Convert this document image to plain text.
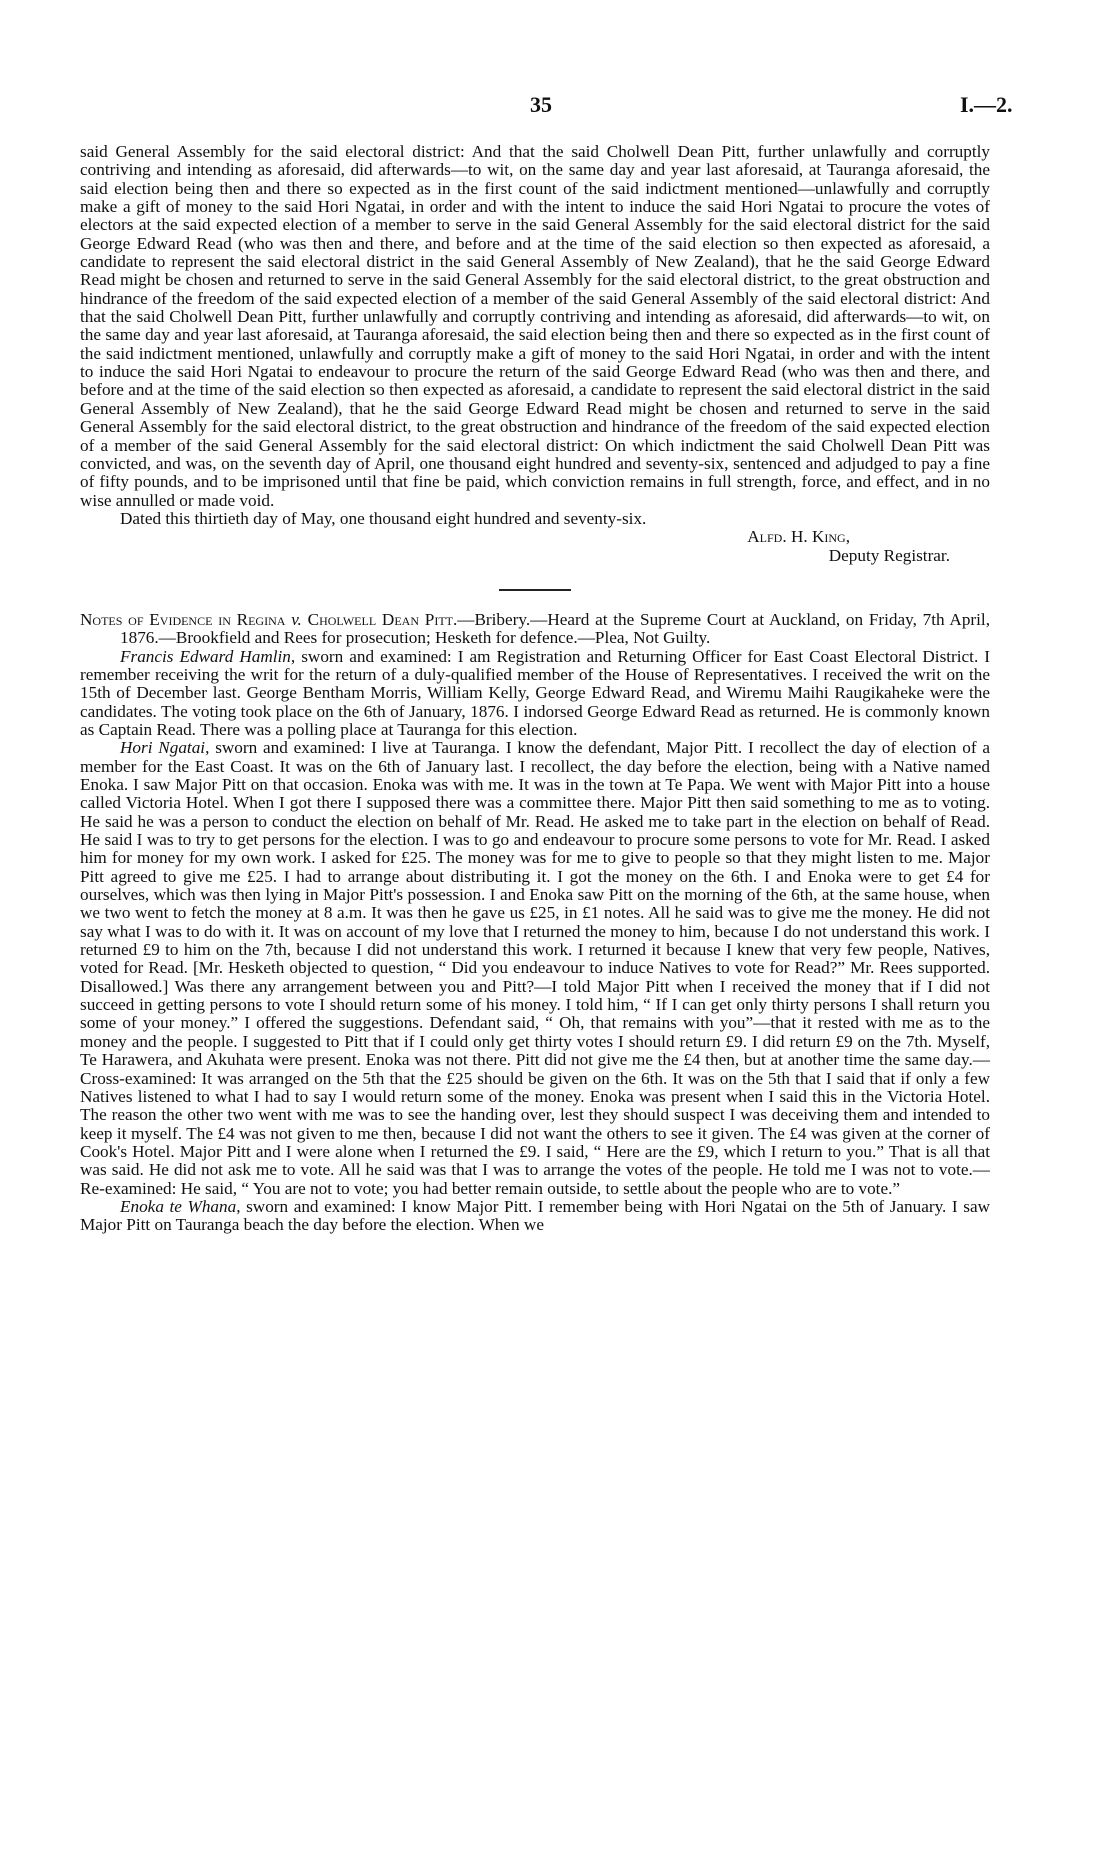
35	I.—2.

said General Assembly for the said electoral district: And that the said Cholwell Dean Pitt, further unlawfully and corruptly contriving and intending as aforesaid, did afterwards—to wit, on the same day and year last aforesaid, at Tauranga aforesaid, the said election being then and there so expected as in the first count of the said indictment mentioned—unlawfully and corruptly make a gift of money to the said Hori Ngatai, in order and with the intent to induce the said Hori Ngatai to procure the votes of electors at the said expected election of a member to serve in the said General Assembly for the said electoral district for the said George Edward Read (who was then and there, and before and at the time of the said election so then expected as aforesaid, a candidate to represent the said electoral district in the said General Assembly of New Zealand), that he the said George Edward Read might be chosen and returned to serve in the said General Assembly for the said electoral district, to the great obstruction and hindrance of the freedom of the said expected election of a member of the said General Assembly of the said electoral district: And that the said Cholwell Dean Pitt, further unlawfully and corruptly contriving and intending as aforesaid, did afterwards—to wit, on the same day and year last aforesaid, at Tauranga aforesaid, the said election being then and there so expected as in the first count of the said indictment mentioned, unlawfully and corruptly make a gift of money to the said Hori Ngatai, in order and with the intent to induce the said Hori Ngatai to endeavour to procure the return of the said George Edward Read (who was then and there, and before and at the time of the said election so then expected as aforesaid, a candidate to represent the said electoral district in the said General Assembly of New Zealand), that he the said George Edward Read might be chosen and returned to serve in the said General Assembly for the said electoral district, to the great obstruction and hindrance of the freedom of the said expected election of a member of the said General Assembly for the said electoral district: On which indictment the said Cholwell Dean Pitt was convicted, and was, on the seventh day of April, one thousand eight hundred and seventy-six, sentenced and adjudged to pay a fine of fifty pounds, and to be imprisoned until that fine be paid, which conviction remains in full strength, force, and effect, and in no wise annulled or made void.

Dated this thirtieth day of May, one thousand eight hundred and seventy-six.

Alfd. H. King,

Deputy Registrar.

Notes of Evidence in Regina v. Cholwell Dean Pitt.—Bribery.—Heard at the Supreme Court at Auckland, on Friday, 7th April, 1876.—Brookfield and Rees for prosecution; Hesketh for defence.—Plea, Not Guilty.

Francis Edward Hamlin, sworn and examined: I am Registration and Returning Officer for East Coast Electoral District. I remember receiving the writ for the return of a duly-qualified member of the House of Representatives. I received the writ on the 15th of December last. George Bentham Morris, William Kelly, George Edward Read, and Wiremu Maihi Raugikaheke were the candidates. The voting took place on the 6th of January, 1876. I indorsed George Edward Read as returned. He is commonly known as Captain Read. There was a polling place at Tauranga for this election.

Hori Ngatai, sworn and examined: I live at Tauranga. I know the defendant, Major Pitt. I recollect the day of election of a member for the East Coast. It was on the 6th of January last. I recollect, the day before the election, being with a Native named Enoka. I saw Major Pitt on that occasion. Enoka was with me. It was in the town at Te Papa. We went with Major Pitt into a house called Victoria Hotel. When I got there I supposed there was a committee there. Major Pitt then said something to me as to voting. He said he was a person to conduct the election on behalf of Mr. Read. He asked me to take part in the election on behalf of Read. He said I was to try to get persons for the election. I was to go and endeavour to procure some persons to vote for Mr. Read. I asked him for money for my own work. I asked for £25. The money was for me to give to people so that they might listen to me. Major Pitt agreed to give me £25. I had to arrange about distributing it. I got the money on the 6th. I and Enoka were to get £4 for ourselves, which was then lying in Major Pitt's possession. I and Enoka saw Pitt on the morning of the 6th, at the same house, when we two went to fetch the money at 8 a.m. It was then he gave us £25, in £1 notes. All he said was to give me the money. He did not say what I was to do with it. It was on account of my love that I returned the money to him, because I do not understand this work. I returned £9 to him on the 7th, because I did not understand this work. I returned it because I knew that very few people, Natives, voted for Read. [Mr. Hesketh objected to question, “ Did you endeavour to induce Natives to vote for Read?” Mr. Rees supported. Disallowed.] Was there any arrangement between you and Pitt?—I told Major Pitt when I received the money that if I did not succeed in getting persons to vote I should return some of his money. I told him, “ If I can get only thirty persons I shall return you some of your money.” I offered the suggestions. Defendant said, “ Oh, that remains with you”—that it rested with me as to the money and the people. I suggested to Pitt that if I could only get thirty votes I should return £9. I did return £9 on the 7th. Myself, Te Harawera, and Akuhata were present. Enoka was not there. Pitt did not give me the £4 then, but at another time the same day.—Cross-examined: It was arranged on the 5th that the £25 should be given on the 6th. It was on the 5th that I said that if only a few Natives listened to what I had to say I would return some of the money. Enoka was present when I said this in the Victoria Hotel. The reason the other two went with me was to see the handing over, lest they should suspect I was deceiving them and intended to keep it myself. The £4 was not given to me then, because I did not want the others to see it given. The £4 was given at the corner of Cook's Hotel. Major Pitt and I were alone when I returned the £9. I said, “ Here are the £9, which I return to you.” That is all that was said. He did not ask me to vote. All he said was that I was to arrange the votes of the people. He told me I was not to vote.—Re-examined: He said, “ You are not to vote; you had better remain outside, to settle about the people who are to vote.”

Enoka te Whana, sworn and examined: I know Major Pitt. I remember being with Hori Ngatai on the 5th of January. I saw Major Pitt on Tauranga beach the day before the election. When we
